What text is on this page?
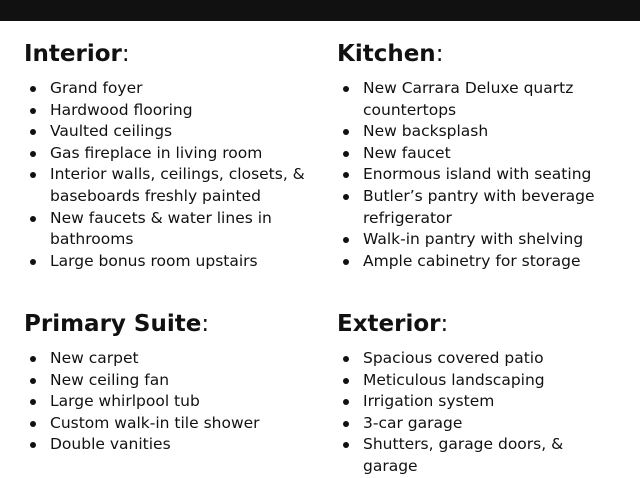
Interior :
Grand foyer
Hardwood flooring
Vaulted ceilings
Gas fireplace in living room
Interior walls, ceilings, closets, & baseboards freshly painted
New faucets & water lines in bathrooms
Large bonus room upstairs
Kitchen :
New Carrara Deluxe quartz countertops
New backsplash
New faucet
Enormous island with seating
Butler’s pantry with beverage refrigerator
Walk-in pantry with shelving
Ample cabinetry for storage
Primary Suite :
New carpet
New ceiling fan
Large whirlpool tub
Custom walk-in tile shower
Double vanities
Exterior :
Spacious covered patio
Meticulous landscaping
Irrigation system
3-car garage
Shutters, garage doors, & garage
